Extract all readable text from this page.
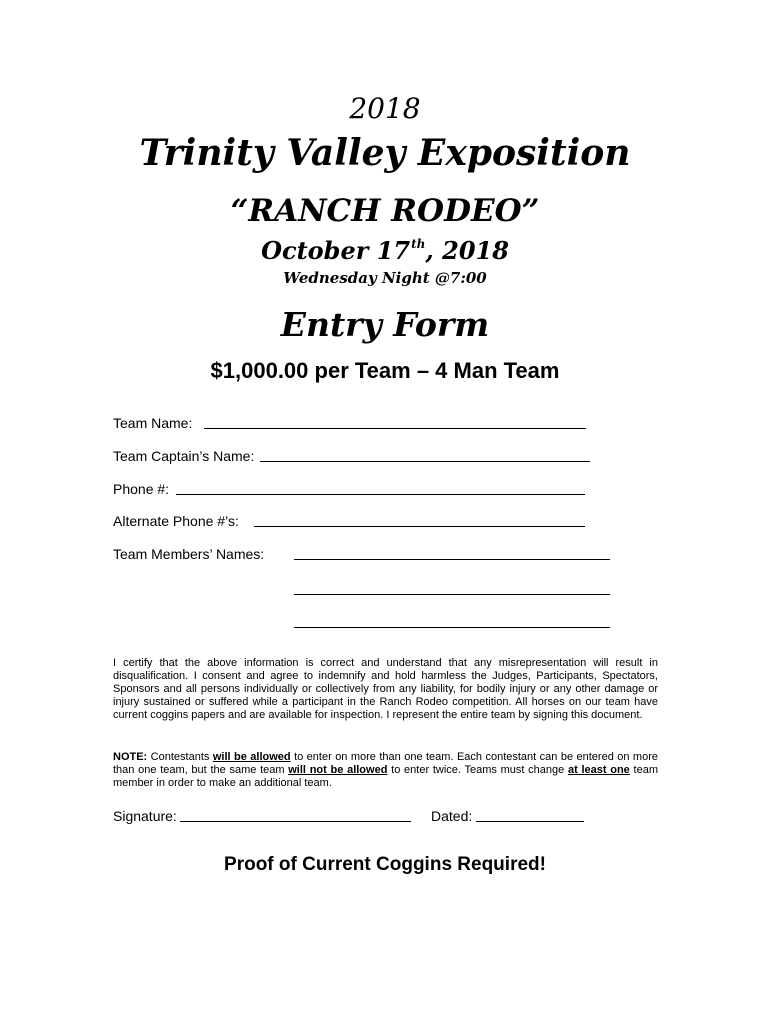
2018
Trinity Valley Exposition
“RANCH RODEO”
October 17th, 2018
Wednesday Night @7:00
Entry Form
$1,000.00 per Team – 4 Man Team
Team Name:
Team Captain’s Name:
Phone #:
Alternate Phone #’s:
Team Members’ Names:
I certify that the above information is correct and understand that any misrepresentation will result in disqualification. I consent and agree to indemnify and hold harmless the Judges, Participants, Spectators, Sponsors and all persons individually or collectively from any liability, for bodily injury or any other damage or injury sustained or suffered while a participant in the Ranch Rodeo competition. All horses on our team have current coggins papers and are available for inspection. I represent the entire team by signing this document.
NOTE: Contestants will be allowed to enter on more than one team. Each contestant can be entered on more than one team, but the same team will not be allowed to enter twice. Teams must change at least one team member in order to make an additional team.
Signature:	Dated:
Proof of Current Coggins Required!
